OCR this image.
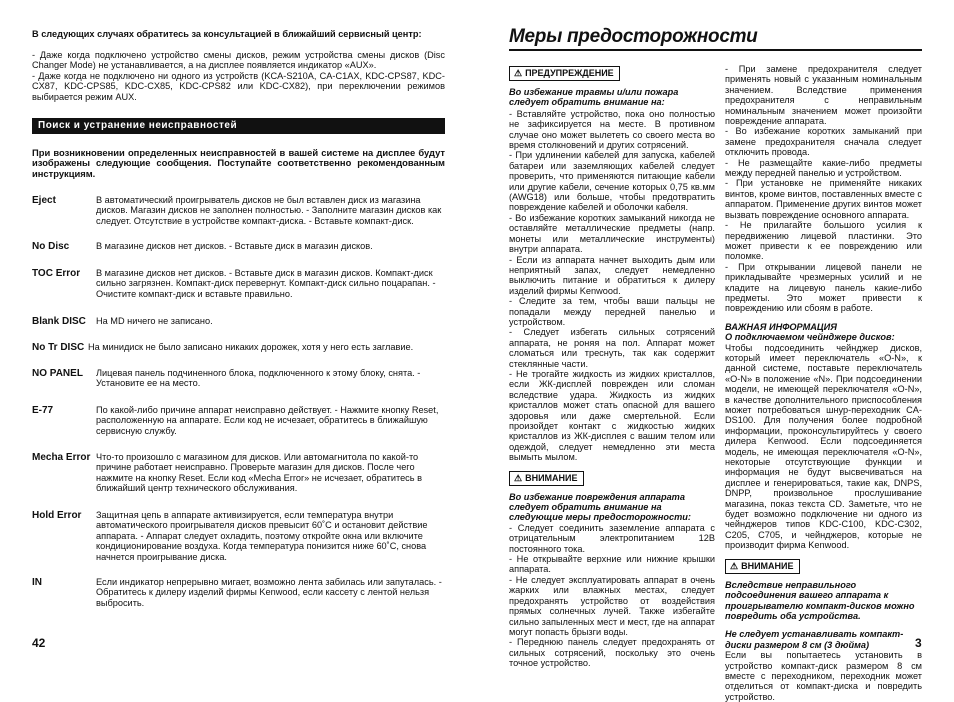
В следующих случаях обратитесь за консультацией в ближайший сервисный центр:
- Даже когда подключено устройство смены дисков, режим устройства смены дисков (Disc Changer Mode) не устанавливается, а на дисплее появляется индикатор «AUX».
- Даже когда не подключено ни одного из устройств (KCA-S210A, CA-C1AX, KDC-CPS87, KDC-CX87, KDC-CPS85, KDC-CX85, KDC-CPS82 или KDC-CX82), при переключении режимов выбирается режим AUX.
Поиск и устранение неисправностей
При возникновении определенных неисправностей в вашей системе на дисплее будут изображены следующие сообщения. Поступайте соответственно рекомендованным инструкциям.
Eject	В автоматический проигрыватель дисков не был вставлен диск из магазина дисков. Магазин дисков не заполнен полностью. - Заполните магазин дисков как следует. Отсутствие в устройстве компакт-диска. - Вставьте компакт-диск.
No Disc	В магазине дисков нет дисков. - Вставьте диск в магазин дисков.
TOC Error В магазине дисков нет дисков. - Вставьте диск в магазин дисков. Компакт-диск сильно загрязнен. Компакт-диск перевернут. Компакт-диск сильно поцарапан. - Очистите компакт-диск и вставьте правильно.
Blank DISC На MD ничего не записано.
No Tr DISC На минидиск не было записано никаких дорожек, хотя у него есть заглавие.
NO PANEL Лицевая панель подчиненного блока, подключенного к этому блоку, снята. - Установите ее на место.
E-77	По какой-либо причине аппарат неисправно действует. - Нажмите кнопку Reset, расположенную на аппарате. Если код не исчезает, обратитесь в ближайшую сервисную службу.
Mecha Error Что-то произошло с магазином для дисков. Или автомагнитола по какой-то причине работает неисправно. Проверьте магазин для дисков. После чего нажмите на кнопку Reset. Если код «Mecha Error» не исчезает, обратитесь в ближайший центр технического обслуживания.
Hold Error Защитная цепь в аппарате активизируется, если температура внутри автоматического проигрывателя дисков превысит 60˚С и остановит действие аппарата. - Аппарат следует охладить, поэтому откройте окна или включите кондиционирование воздуха. Когда температура понизится ниже 60˚С, снова начнется проигрывание диска.
IN	Если индикатор непрерывно мигает, возможно лента забилась или запуталась. - Обратитесь к дилеру изделий фирмы Kenwood, если кассету с лентой нельзя выбросить.
42
Меры предосторожности
⚠ ПРЕДУПРЕЖДЕНИЕ
Во избежание травмы и/или пожара следует обратить внимание на:
- Вставляйте устройство, пока оно полностью не зафиксируется на месте. В противном случае оно может вылететь со своего места во время столкновений и других сотрясений.
- При удлинении кабелей для запуска, кабелей батареи или заземляющих кабелей следует проверить, что применяются питающие кабели или другие кабели, сечение которых 0,75 кв.мм (AWG18) или больше, чтобы предотвратить повреждение кабелей и оболочки кабеля.
- Во избежание коротких замыканий никогда не оставляйте металлические предметы (напр. монеты или металлические инструменты) внутри аппарата.
- Если из аппарата начнет выходить дым или неприятный запах, следует немедленно выключить питание и обратиться к дилеру изделий фирмы Kenwood.
- Следите за тем, чтобы ваши пальцы не попадали между передней панелью и устройством.
- Следует избегать сильных сотрясений аппарата, не роняя на пол. Аппарат может сломаться или треснуть, так как содержит стеклянные части.
- Не трогайте жидкость из жидких кристаллов, если ЖК-дисплей поврежден или сломан вследствие удара. Жидкость из жидких кристаллов может стать опасной для вашего здоровья или даже смертельной. Если произойдет контакт с жидкостью жидких кристаллов из ЖК-дисплея с вашим телом или одеждой, следует немедленно эти места вымыть мылом.
⚠ ВНИМАНИЕ
Во избежание повреждения аппарата следует обратить внимание на следующие меры предосторожности:
- Следует соединить заземление аппарата с отрицательным электропитанием 12В постоянного тока.
- Не открывайте верхние или нижние крышки аппарата.
- Не следует эксплуатировать аппарат в очень жарких или влажных местах, следует предохранять устройство от воздействия прямых солнечных лучей. Также избегайте сильно запыленных мест и мест, где на аппарат могут попасть брызги воды.
- Переднюю панель следует предохранять от сильных сотрясений, поскольку это очень точное устройство.
- При замене предохранителя следует применять новый с указанным номинальным значением. Вследствие применения предохранителя с неправильным номинальным значением может произойти повреждение аппарата.
- Во избежание коротких замыканий при замене предохранителя сначала следует отключить провода.
- Не размещайте какие-либо предметы между передней панелью и устройством.
- При установке не применяйте никаких винтов, кроме винтов, поставленных вместе с аппаратом. Применение других винтов может вызвать повреждение основного аппарата.
- Не прилагайте большого усилия к передвижению лицевой пластинки. Это может привести к ее повреждению или поломке.
- При открывании лицевой панели не прикладывайте чрезмерных усилий и не кладите на лицевую панель какие-либо предметы. Это может привести к повреждению или сбоям в работе.
ВАЖНАЯ ИНФОРМАЦИЯ
О подключаемом чейнджере дисков:
Чтобы подсоединить чейнджер дисков, который имеет переключатель «O-N», к данной системе, поставьте переключатель «O-N» в положение «N». При подсоединении модели, не имеющей переключателя «O-N», в качестве дополнительного приспособления может потребоваться шнур-переходник CA-DS100. Для получения более подробной информации, проконсультируйтесь у своего дилера Kenwood. Если подсоединяется модель, не имеющая переключателя «O-N», некоторые отсутствующие функции и информация не будут высвечиваться на дисплее и генерироваться, такие как, DNPS, DNPP, произвольное прослушивание магазина, показ текста CD. Заметьте, что не будет возможно подключение ни одного из чейнджеров типов KDC-C100, KDC-C302, C205, C705, и чейнджеров, которые не производит фирма Kenwood.
⚠ ВНИМАНИЕ
Вследствие неправильного подсоединения вашего аппарата к проигрывателю компакт-дисков можно повредить оба устройства.
Не следует устанавливать компакт-диски размером 8 см (3 дюйма)
Если вы попытаетесь установить в устройство компакт-диск размером 8 см вместе с переходником, переходник может отделиться от компакт-диска и повредить устройство.
3
